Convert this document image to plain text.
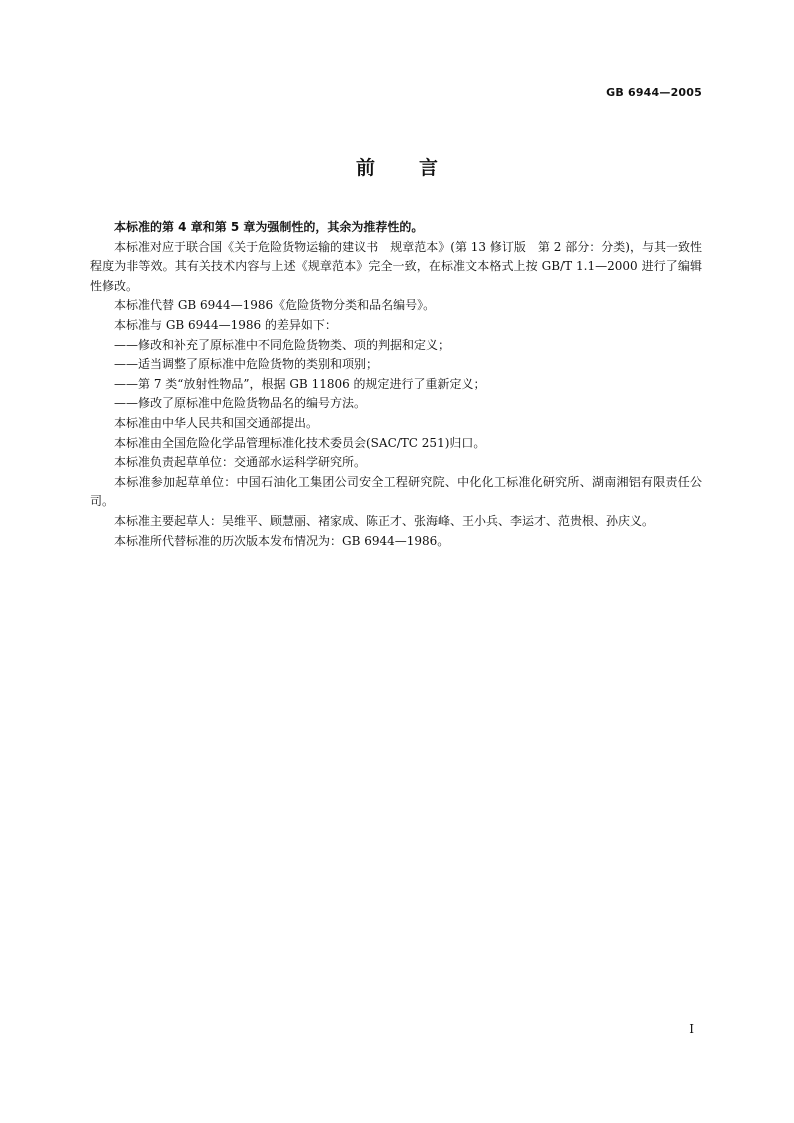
GB 6944—2005
前言

本标准的第 4 章和第 5 章为强制性的，其余为推荐性的。

本标准对应于联合国《关于危险货物运输的建议书　规章范本》(第 13 修订版　第 2 部分：分类)，与其一致性程度为非等效。其有关技术内容与上述《规章范本》完全一致，在标准文本格式上按 GB/T 1.1—2000 进行了编辑性修改。

本标准代替 GB 6944—1986《危险货物分类和品名编号》。

本标准与 GB 6944—1986 的差异如下：

——修改和补充了原标准中不同危险货物类、项的判据和定义；

——适当调整了原标准中危险货物的类别和项别；

——第 7 类“放射性物品”，根据 GB 11806 的规定进行了重新定义；

——修改了原标准中危险货物品名的编号方法。

本标准由中华人民共和国交通部提出。

本标准由全国危险化学品管理标准化技术委员会(SAC/TC 251)归口。

本标准负责起草单位：交通部水运科学研究所。

本标准参加起草单位：中国石油化工集团公司安全工程研究院、中化化工标准化研究所、湖南湘铝有限责任公司。

本标准主要起草人：吴维平、顾慧丽、褚家成、陈正才、张海峰、王小兵、李运才、范贵根、孙庆义。

本标准所代替标准的历次版本发布情况为：GB 6944—1986。

I
